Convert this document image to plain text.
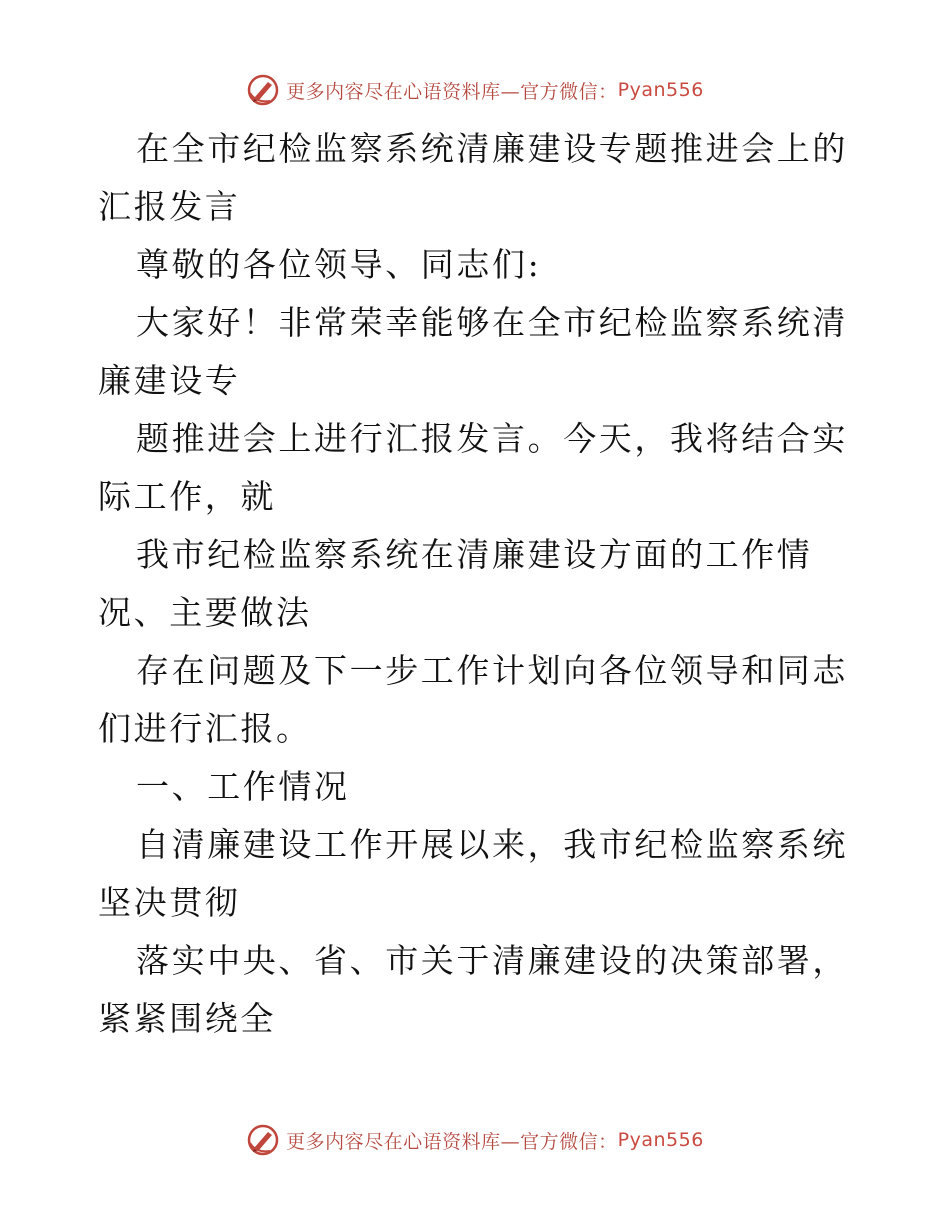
更多内容尽在心语资料库—官方微信： Pyan556

在全市纪检监察系统清廉建设专题推进会上的汇报发言

尊敬的各位领导、同志们:

大家好！非常荣幸能够在全市纪检监察系统清廉建设专

题推进会上进行汇报发言。今天，我将结合实际工作，就

我市纪检监察系统在清廉建设方面的工作情况、主要做法

存在问题及下一步工作计划向各位领导和同志们进行汇报。

一、工作情况

自清廉建设工作开展以来，我市纪检监察系统坚决贯彻

落实中央、省、市关于清廉建设的决策部署，紧紧围绕全

更多内容尽在心语资料库—官方微信： Pyan556
